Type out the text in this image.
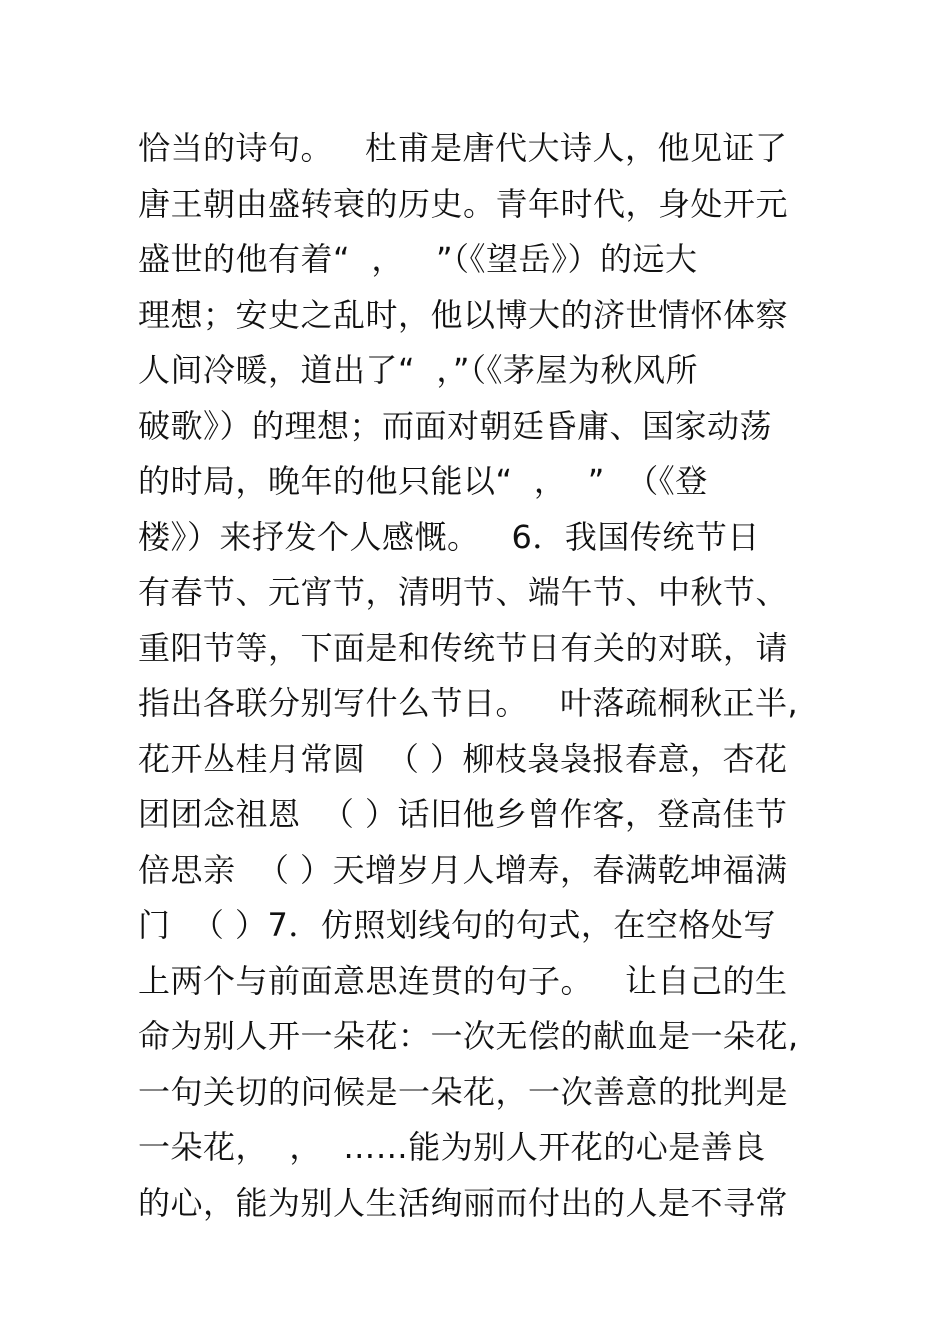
恰当的诗句。   杜甫是唐代大诗人，他见证了
唐王朝由盛转衰的历史。青年时代，身处开元
盛世的他有着“  ，   ”（《望岳》）的远大
理想；安史之乱时，他以博大的济世情怀体察
人间冷暖，道出了“  ，”（《茅屋为秋风所
破歌》）的理想；而面对朝廷昏庸、国家动荡
的时局，晚年的他只能以“  ，  ”  （《登
楼》）来抒发个人感慨。   6．我国传统节日
有春节、元宵节，清明节、端午节、中秋节、
重阳节等，下面是和传统节日有关的对联，请
指出各联分别写什么节日。   叶落疏桐秋正半,
花开丛桂月常圆  （ ）柳枝袅袅报春意，杏花
团团念祖恩  （ ）话旧他乡曾作客，登高佳节
倍思亲  （ ）天增岁月人增寿，春满乾坤福满
门  （ ）7．仿照划线句的句式，在空格处写
上两个与前面意思连贯的句子。   让自己的生
命为别人开一朵花：一次无偿的献血是一朵花,
一句关切的问候是一朵花，一次善意的批判是
一朵花，  ，  ……能为别人开花的心是善良
的心，能为别人生活绚丽而付出的人是不寻常
